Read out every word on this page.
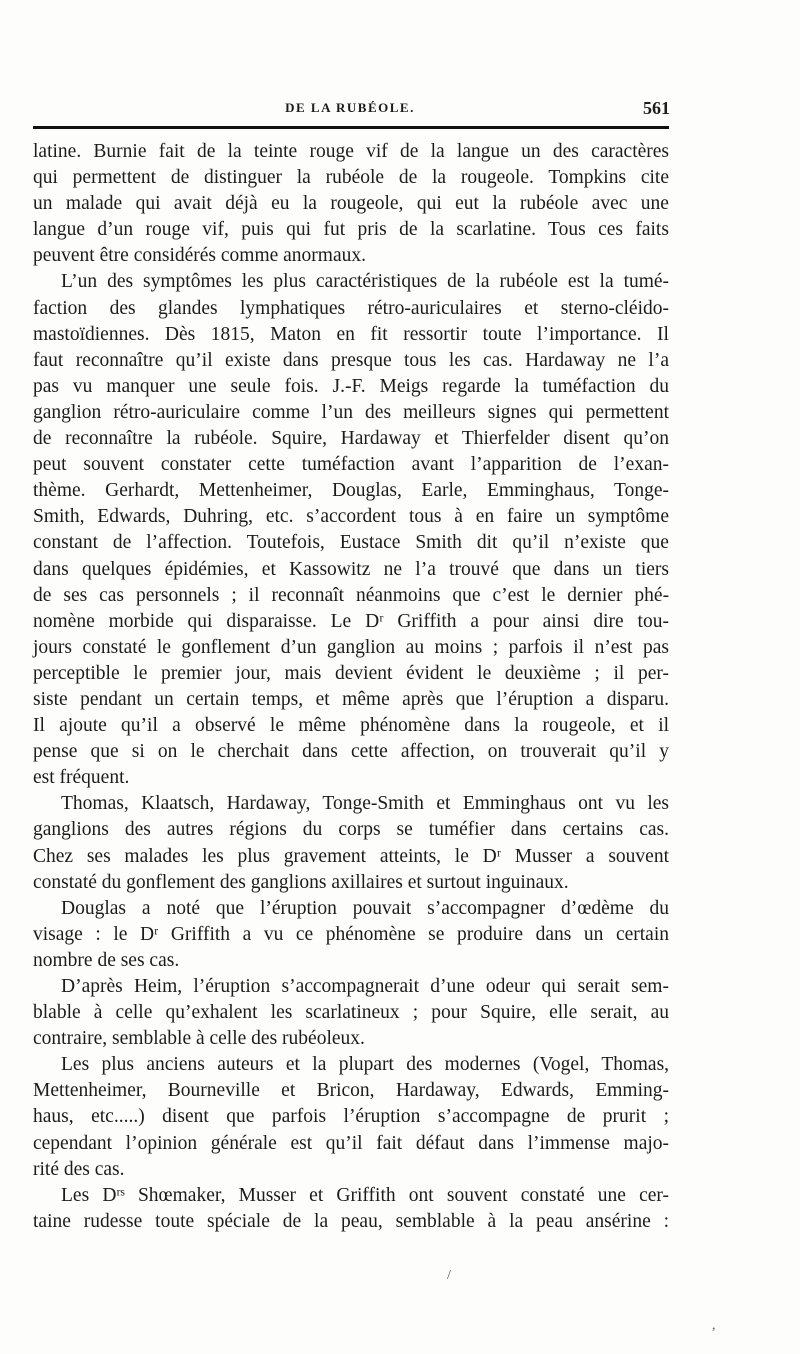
DE LA RUBÉOLE.	561
latine. Burnie fait de la teinte rouge vif de la langue un des caractères
qui permettent de distinguer la rubéole de la rougeole. Tompkins cite
un malade qui avait déjà eu la rougeole, qui eut la rubéole avec une
langue d’un rouge vif, puis qui fut pris de la scarlatine. Tous ces faits
peuvent être considérés comme anormaux.
L’un des symptômes les plus caractéristiques de la rubéole est la tumé-
faction des glandes lymphatiques rétro-auriculaires et sterno-cléido-
mastoïdiennes. Dès 1815, Maton en fit ressortir toute l’importance. Il
faut reconnaître qu’il existe dans presque tous les cas. Hardaway ne l’a
pas vu manquer une seule fois. J.-F. Meigs regarde la tuméfaction du
ganglion rétro-auriculaire comme l’un des meilleurs signes qui permettent
de reconnaître la rubéole. Squire, Hardaway et Thierfelder disent qu’on
peut souvent constater cette tuméfaction avant l’apparition de l’exan-
thème. Gerhardt, Mettenheimer, Douglas, Earle, Emminghaus, Tonge-
Smith, Edwards, Duhring, etc. s’accordent tous à en faire un symptôme
constant de l’affection. Toutefois, Eustace Smith dit qu’il n’existe que
dans quelques épidémies, et Kassowitz ne l’a trouvé que dans un tiers
de ses cas personnels ; il reconnaît néanmoins que c’est le dernier phé-
nomène morbide qui disparaisse. Le Dʳ Griffith a pour ainsi dire tou-
jours constaté le gonflement d’un ganglion au moins ; parfois il n’est pas
perceptible le premier jour, mais devient évident le deuxième ; il per-
siste pendant un certain temps, et même après que l’éruption a disparu.
Il ajoute qu’il a observé le même phénomène dans la rougeole, et il
pense que si on le cherchait dans cette affection, on trouverait qu’il y
est fréquent.
Thomas, Klaatsch, Hardaway, Tonge-Smith et Emminghaus ont vu les
ganglions des autres régions du corps se tuméfier dans certains cas.
Chez ses malades les plus gravement atteints, le Dʳ Musser a souvent
constaté du gonflement des ganglions axillaires et surtout inguinaux.
Douglas a noté que l’éruption pouvait s’accompagner d’œdème du
visage : le Dʳ Griffith a vu ce phénomène se produire dans un certain
nombre de ses cas.
D’après Heim, l’éruption s’accompagnerait d’une odeur qui serait sem-
blable à celle qu’exhalent les scarlatineux ; pour Squire, elle serait, au
contraire, semblable à celle des rubéoleux.
Les plus anciens auteurs et la plupart des modernes (Vogel, Thomas,
Mettenheimer, Bourneville et Bricon, Hardaway, Edwards, Emming-
haus, etc.....) disent que parfois l’éruption s’accompagne de prurit ;
cependant l’opinion générale est qu’il fait défaut dans l’immense majo-
rité des cas.
Les Dʳˢ Shœmaker, Musser et Griffith ont souvent constaté une cer-
taine rudesse toute spéciale de la peau, semblable à la peau ansérine :
/
,
